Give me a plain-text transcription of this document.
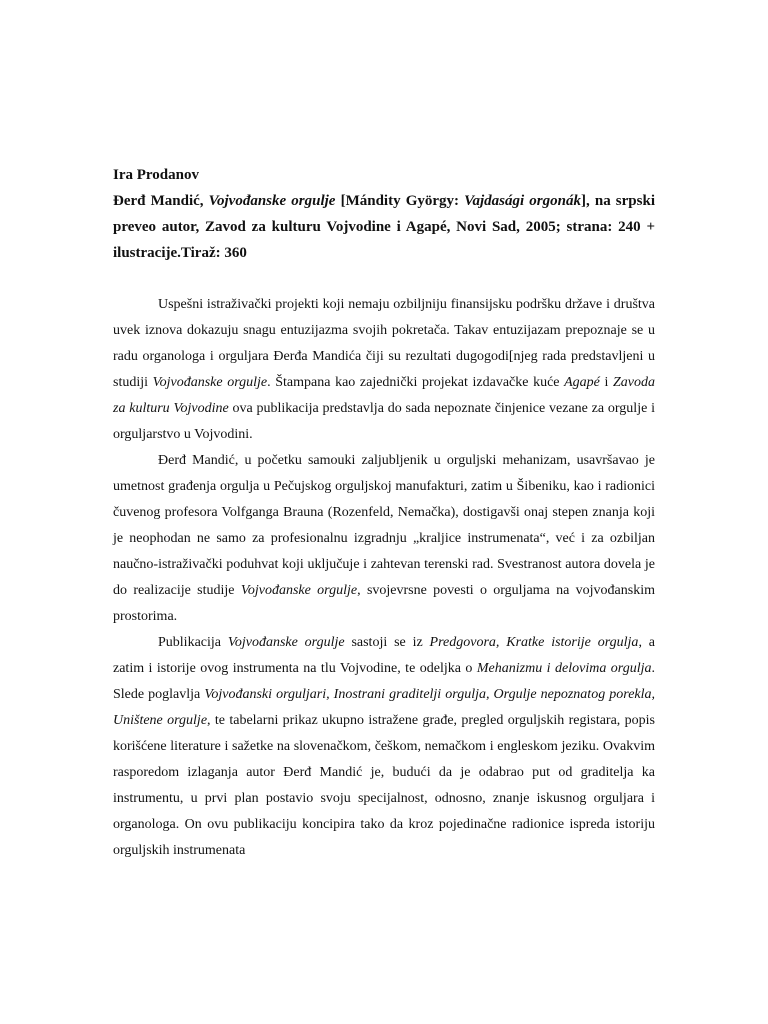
Ira Prodanov
Đerđ Mandić, Vojvođanske orgulje [Mándity György: Vajdasági orgonák], na srpski preveo autor, Zavod za kulturu Vojvodine i Agapé, Novi Sad, 2005; strana: 240 + ilustracije.Tiraž: 360

Uspešni istraživački projekti koji nemaju ozbiljniju finansijsku podršku države i društva uvek iznova dokazuju snagu entuzijazma svojih pokretača. Takav entuzijazam prepoznaje se u radu organologa i orguljara Đerđa Mandića čiji su rezultati dugogodi[njeg rada predstavljeni u studiji Vojvođanske orgulje. Štampana kao zajednički projekat izdavačke kuće Agapé i Zavoda za kulturu Vojvodine ova publikacija predstavlja do sada nepoznate činjenice vezane za orgulje i orguljarstvo u Vojvodini.

Đerđ Mandić, u početku samouki zaljubljenik u orguljski mehanizam, usavršavao je umetnost građenja orgulja u Pečujskog orguljskoj manufakturi, zatim u Šibeniku, kao i radionici čuvenog profesora Volfganga Brauna (Rozenfeld, Nemačka), dostigavši onaj stepen znanja koji je neophodan ne samo za profesionalnu izgradnju „kraljice instrumenata“, već i za ozbiljan naučno-istraživački poduhvat koji uključuje i zahtevan terenski rad. Svestranost autora dovela je do realizacije studije Vojvođanske orgulje, svojevrsne povesti o orguljama na vojvođanskim prostorima.

Publikacija Vojvođanske orgulje sastoji se iz Predgovora, Kratke istorije orgulja, a zatim i istorije ovog instrumenta na tlu Vojvodine, te odeljka o Mehanizmu i delovima orgulja. Slede poglavlja Vojvođanski orguljari, Inostrani graditelji orgulja, Orgulje nepoznatog porekla, Uništene orgulje, te tabelarni prikaz ukupno istražene građe, pregled orguljskih registara, popis korišćene literature i sažetke na slovenačkom, češkom, nemačkom i engleskom jeziku. Ovakvim rasporedom izlaganja autor Đerđ Mandić je, budući da je odabrao put od graditelja ka instrumentu, u prvi plan postavio svoju specijalnost, odnosno, znanje iskusnog orguljara i organologa. On ovu publikaciju koncipira tako da kroz pojedinačne radionice ispreda istoriju orguljskih instrumenata
